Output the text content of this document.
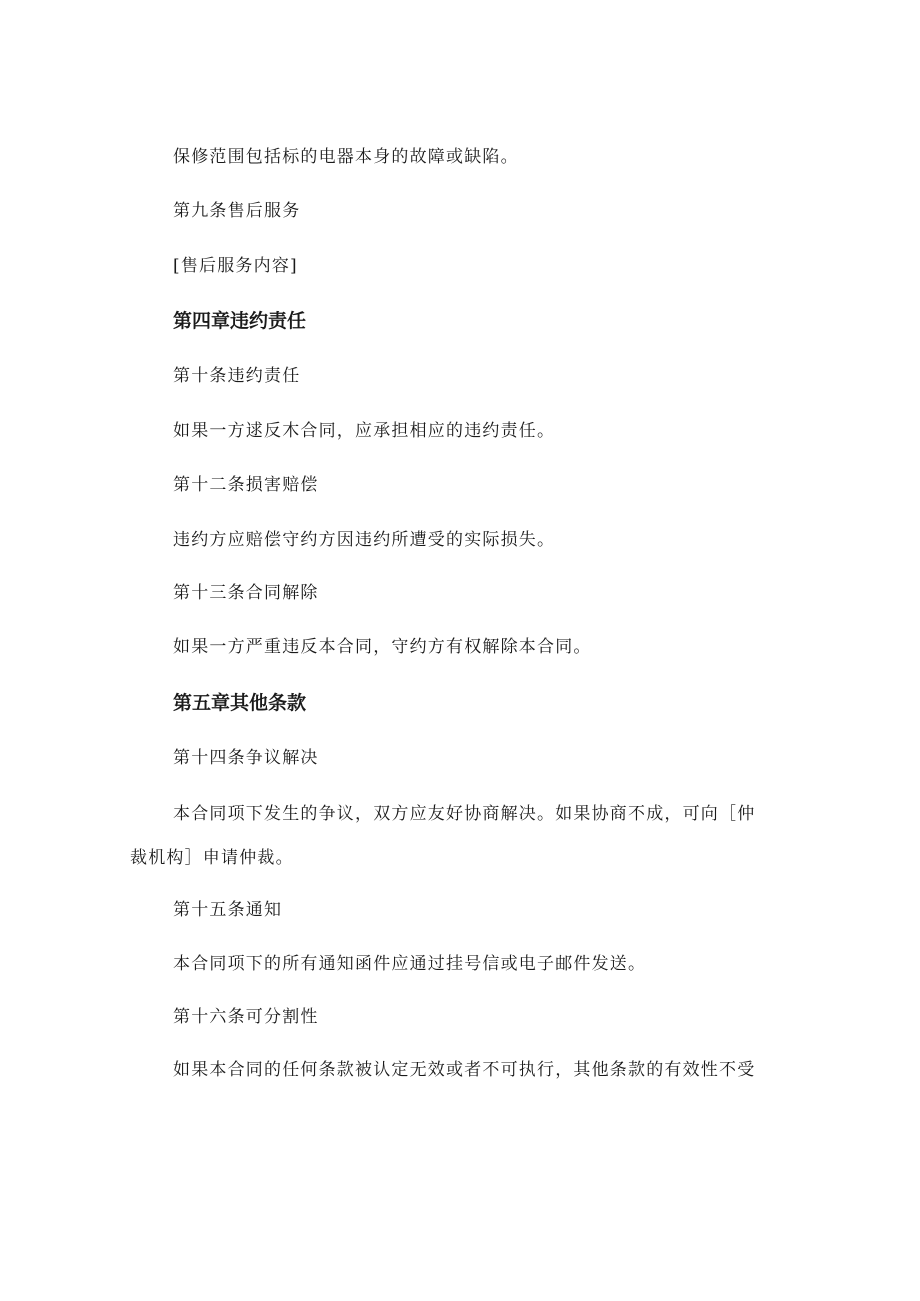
保修范围包括标的电器本身的故障或缺陷。
第九条售后服务
[售后服务内容]
第四章违约责任
第十条违约责任
如果一方逑反木合同，应承担相应的违约责任。
第十二条损害赔偿
违约方应赔偿守约方因违约所遭受的实际损失。
第十三条合同解除
如果一方严重违反本合同，守约方有权解除本合同。
第五章其他条款
第十四条争议解决
本合同项下发生的争议，双方应友好协商解决。如果协商不成，可向［仲裁机构］申请仲裁。
第十五条通知
本合同项下的所有通知函件应通过挂号信或电子邮件发送。
第十六条可分割性
如果本合同的任何条款被认定无效或者不可执行，其他条款的有效性不受
